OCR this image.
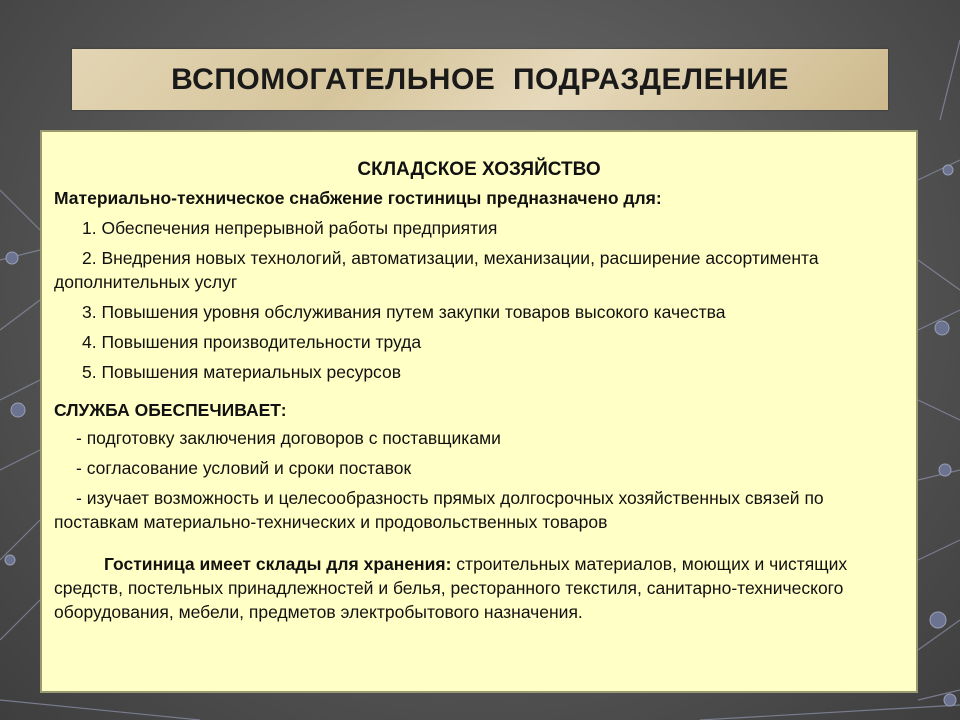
ВСПОМОГАТЕЛЬНОЕ  ПОДРАЗДЕЛЕНИЕ
СКЛАДСКОЕ ХОЗЯЙСТВО
Материально-техническое снабжение гостиницы предназначено для:
1. Обеспечения непрерывной работы предприятия
2. Внедрения новых технологий, автоматизации, механизации, расширение ассортимента дополнительных услуг
3. Повышения уровня обслуживания путем закупки товаров высокого качества
4. Повышения производительности труда
5. Повышения материальных ресурсов
СЛУЖБА ОБЕСПЕЧИВАЕТ:
- подготовку заключения договоров с поставщиками
- согласование условий и сроки поставок
- изучает возможность и целесообразность прямых долгосрочных хозяйственных связей по поставкам материально-технических и продовольственных товаров
Гостиница имеет склады для хранения: строительных материалов, моющих и чистящих средств, постельных принадлежностей и белья, ресторанного текстиля, санитарно-технического оборудования, мебели, предметов электробытового назначения.
